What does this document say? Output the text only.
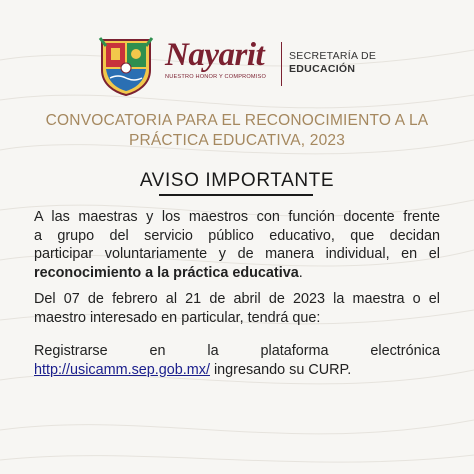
Nayarit
NUESTRO HONOR Y COMPROMISO
SECRETARÍA DE
EDUCACIÓN
CONVOCATORIA PARA EL RECONOCIMIENTO A LA
PRÁCTICA EDUCATIVA, 2023
AVISO IMPORTANTE
A las maestras y los maestros con función docente frente
a grupo del servicio público educativo, que decidan
participar voluntariamente y de manera individual, en el
reconocimiento a la práctica educativa.
Del 07 de febrero al 21 de abril de 2023 la maestra o el
maestro interesado en particular, tendrá que:
Registrarse en la plataforma electrónica
http://usicamm.sep.gob.mx/ ingresando su CURP.
